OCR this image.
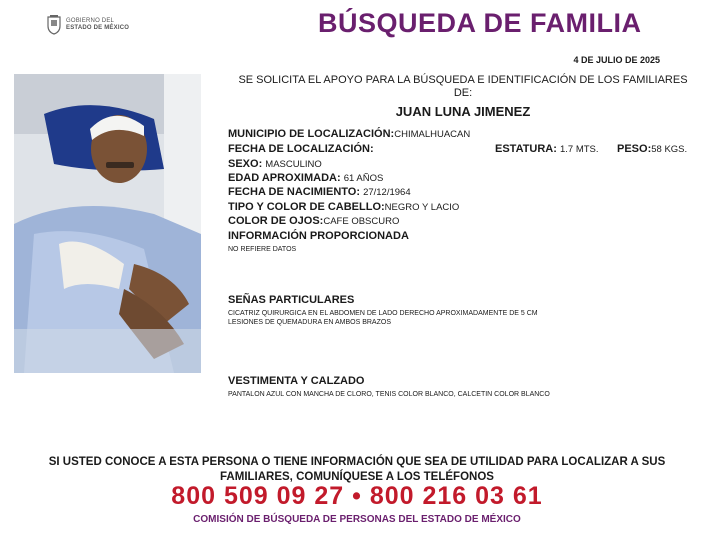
GOBIERNO DEL
ESTADO DE MÉXICO	BÚSQUEDA DE FAMILIA
4 DE JULIO DE 2025
SE SOLICITA EL APOYO PARA LA BÚSQUEDA E IDENTIFICACIÓN DE LOS FAMILIARES DE:
JUAN LUNA JIMENEZ
MUNICIPIO DE LOCALIZACIÓN:CHIMALHUACAN
FECHA DE LOCALIZACIÓN:	ESTATURA: 1.7 MTS. PESO:58 KGS.
SEXO: MASCULINO
EDAD APROXIMADA: 61 AÑOS
FECHA DE NACIMIENTO: 27/12/1964
TIPO Y COLOR DE CABELLO:NEGRO Y LACIO
COLOR DE OJOS:CAFE OBSCURO
INFORMACIÓN PROPORCIONADA
NO REFIERE DATOS
SEÑAS PARTICULARES
CICATRIZ QUIRURGICA EN EL ABDOMEN DE LADO DERECHO APROXIMADAMENTE DE 5 CM
LESIONES DE QUEMADURA EN AMBOS BRAZOS
VESTIMENTA Y CALZADO
PANTALON AZUL CON MANCHA DE CLORO, TENIS COLOR BLANCO, CALCETIN COLOR BLANCO
SI USTED CONOCE A ESTA PERSONA O TIENE INFORMACIÓN QUE SEA DE UTILIDAD PARA LOCALIZAR A SUS
FAMILIARES, COMUNÍQUESE A LOS TELÉFONOS
800 509 09 27 • 800 216 03 61
COMISIÓN DE BÚSQUEDA DE PERSONAS DEL ESTADO DE MÉXICO
